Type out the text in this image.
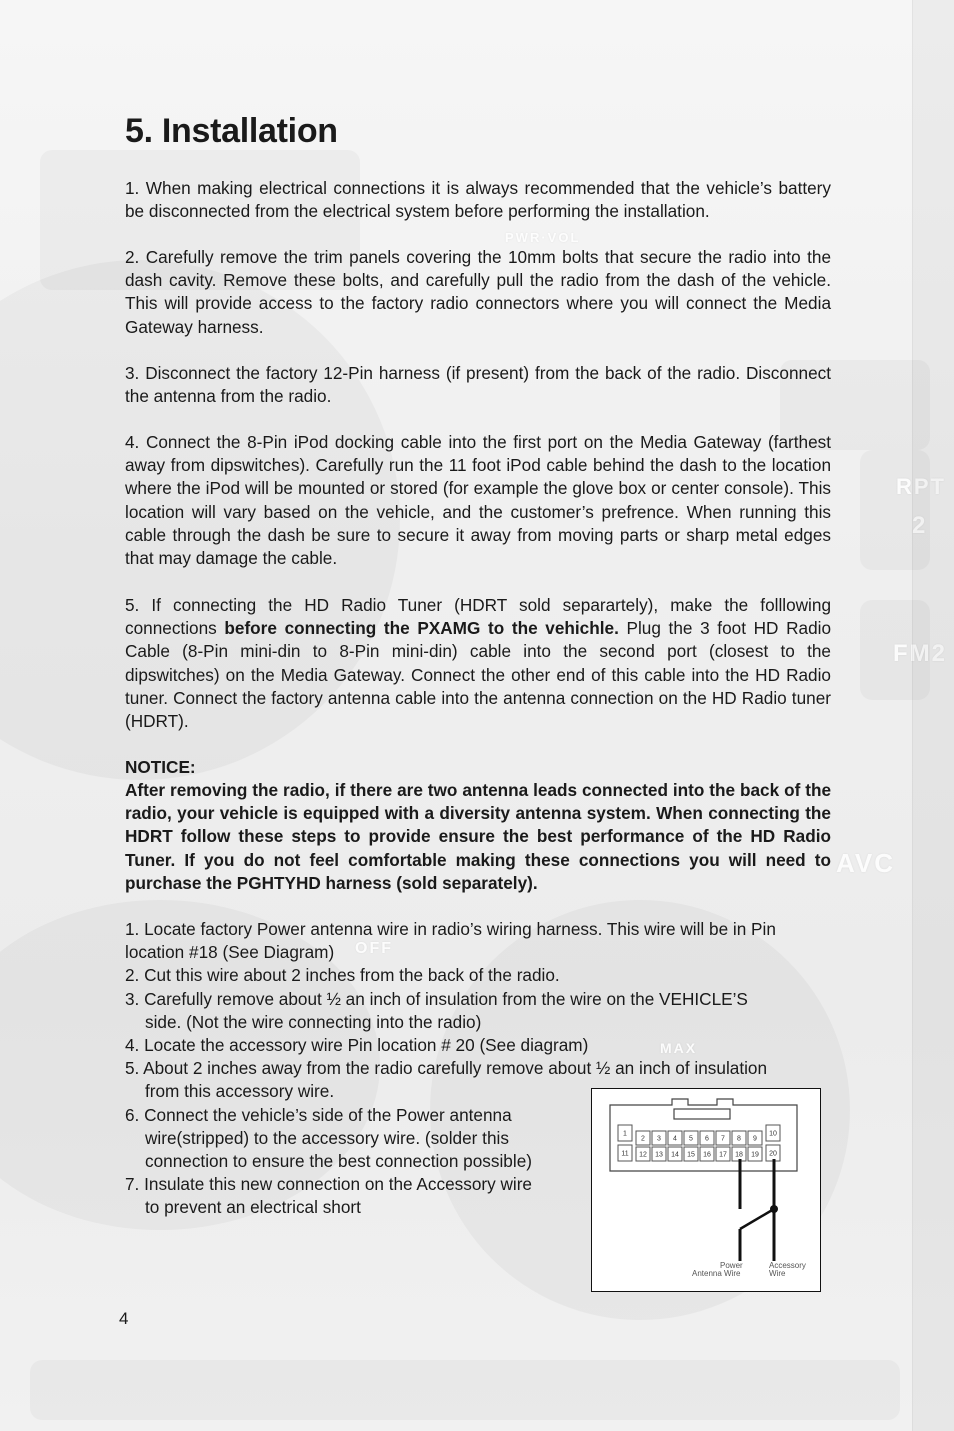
PWR·VOL
RPT
2
FM2
AVC
OFF
MAX
5. Installation

1. When making electrical connections it is always recommended that the vehicle’s battery be disconnected from the electrical system before performing the installation.

2. Carefully remove the trim panels covering the 10mm bolts that secure the radio into the dash cavity. Remove these bolts, and carefully pull the radio from the dash of the vehicle. This will provide access to the factory radio connectors where you will connect the Media Gateway harness.

3. Disconnect the factory 12-Pin harness (if present) from the back of the radio. Disconnect the antenna from the radio.

4. Connect the 8-Pin iPod docking cable into the first port on the Media Gateway (farthest away from dipswitches). Carefully run the 11 foot iPod cable behind the dash to the location where the iPod will be mounted or stored (for example the glove box or center console). This location will vary based on the vehicle, and the customer’s prefrence. When running this cable through the dash be sure to secure it away from moving parts or sharp metal edges that may damage the cable.

5. If connecting the HD Radio Tuner (HDRT sold separartely), make the folllowing connections before connecting the PXAMG to the vehichle. Plug the 3 foot HD Radio Cable (8-Pin mini-din to 8-Pin mini-din) cable into the second port (closest to the dipswitches) on the Media Gateway. Connect the other end of this cable into the HD Radio tuner. Connect the factory antenna cable into the antenna connection on the HD Radio tuner (HDRT).

NOTICE:

After removing the radio, if there are two antenna leads connected into the back of the radio, your vehicle is equipped with a diversity antenna system. When connecting the HDRT follow these steps to provide ensure the best performance of the HD Radio Tuner. If you do not feel comfortable making these connections you will need to purchase the PGHTYHD harness (sold separately).

1. Locate factory Power antenna wire in radio’s wiring harness. This wire will be in Pin
location #18 (See Diagram)
2. Cut this wire about 2 inches from the back of the radio.
3. Carefully remove about ½ an inch of insulation from the wire on the VEHICLE’S
side. (Not the wire connecting into the radio)
4. Locate the accessory wire Pin location # 20 (See diagram)
5. About 2 inches away from the radio carefully remove about ½ an inch of insulation
from this accessory wire.
6. Connect the vehicle’s side of the Power antenna
wire(stripped) to the accessory wire. (solder this
connection to ensure the best connection possible)
7. Insulate this new connection on the Accessory wire
to prevent an electrical short
1
2 3 4 5 6 7 8 9
10
11 12 13 14 15 16 17 18 19 20
Power
Antenna Wire
Accessory
Wire
4
